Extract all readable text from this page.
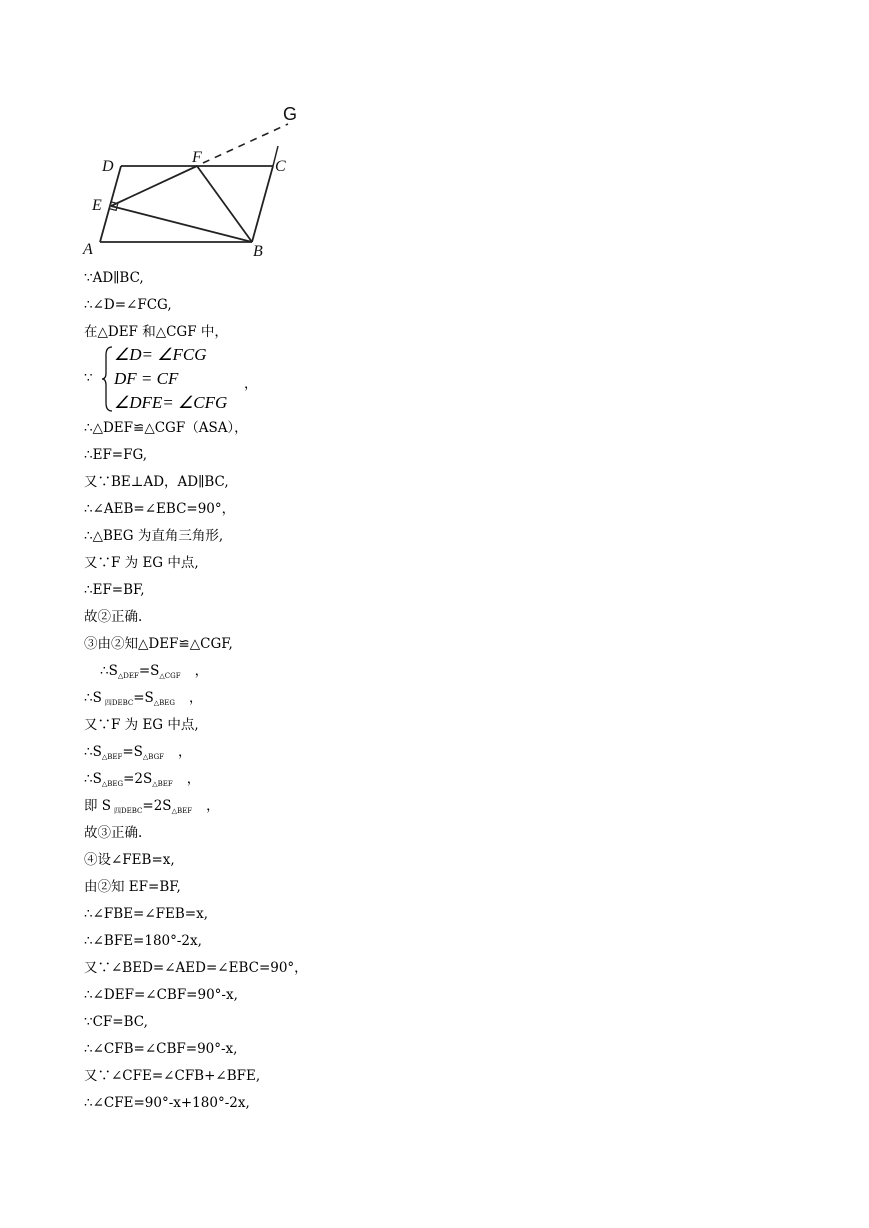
D
F
C
E
A	B
G
∵AD∥BC,
∴∠D=∠FCG,
在△DEF 和△CGF 中，
∵
∠D= ∠FCG
DF = CF
∠DFE= ∠CFG
，
∴△DEF≌△CGF（ASA），
∴EF=FG,
又∵BE⊥AD，AD∥BC,
∴∠AEB=∠EBC=90°，
∴△BEG 为直角三角形,
又∵F 为 EG 中点,
∴EF=BF,
故②正确.
③由②知△DEF≌△CGF,
$\therefore S_{\triangle DEF}=S_{\triangle CGF}$ ，
∴S $_{四DEBC}=S_{\triangle BEG}$ ，
又∵F 为 EG 中点,
$\therefore S_{\triangle BEF}=S_{\triangle BGF}$ ，
$\therefore S_{\triangle BEG}=2S_{\triangle BEF}$ ，
即 S $_{四DEBC}=2S_{\triangle BEF}$ ，
故③正确.
④设∠FEB=x,
由②知 EF=BF,
∴∠FBE=∠FEB=x,
∴∠BFE=180°-2x,
又∵∠BED=∠AED=∠EBC=90°，
∴∠DEF=∠CBF=90°-x,
∵CF=BC,
∴∠CFB=∠CBF=90°-x,
又∵∠CFE=∠CFB+∠BFE,
∴∠CFE=90°-x+180°-2x,
